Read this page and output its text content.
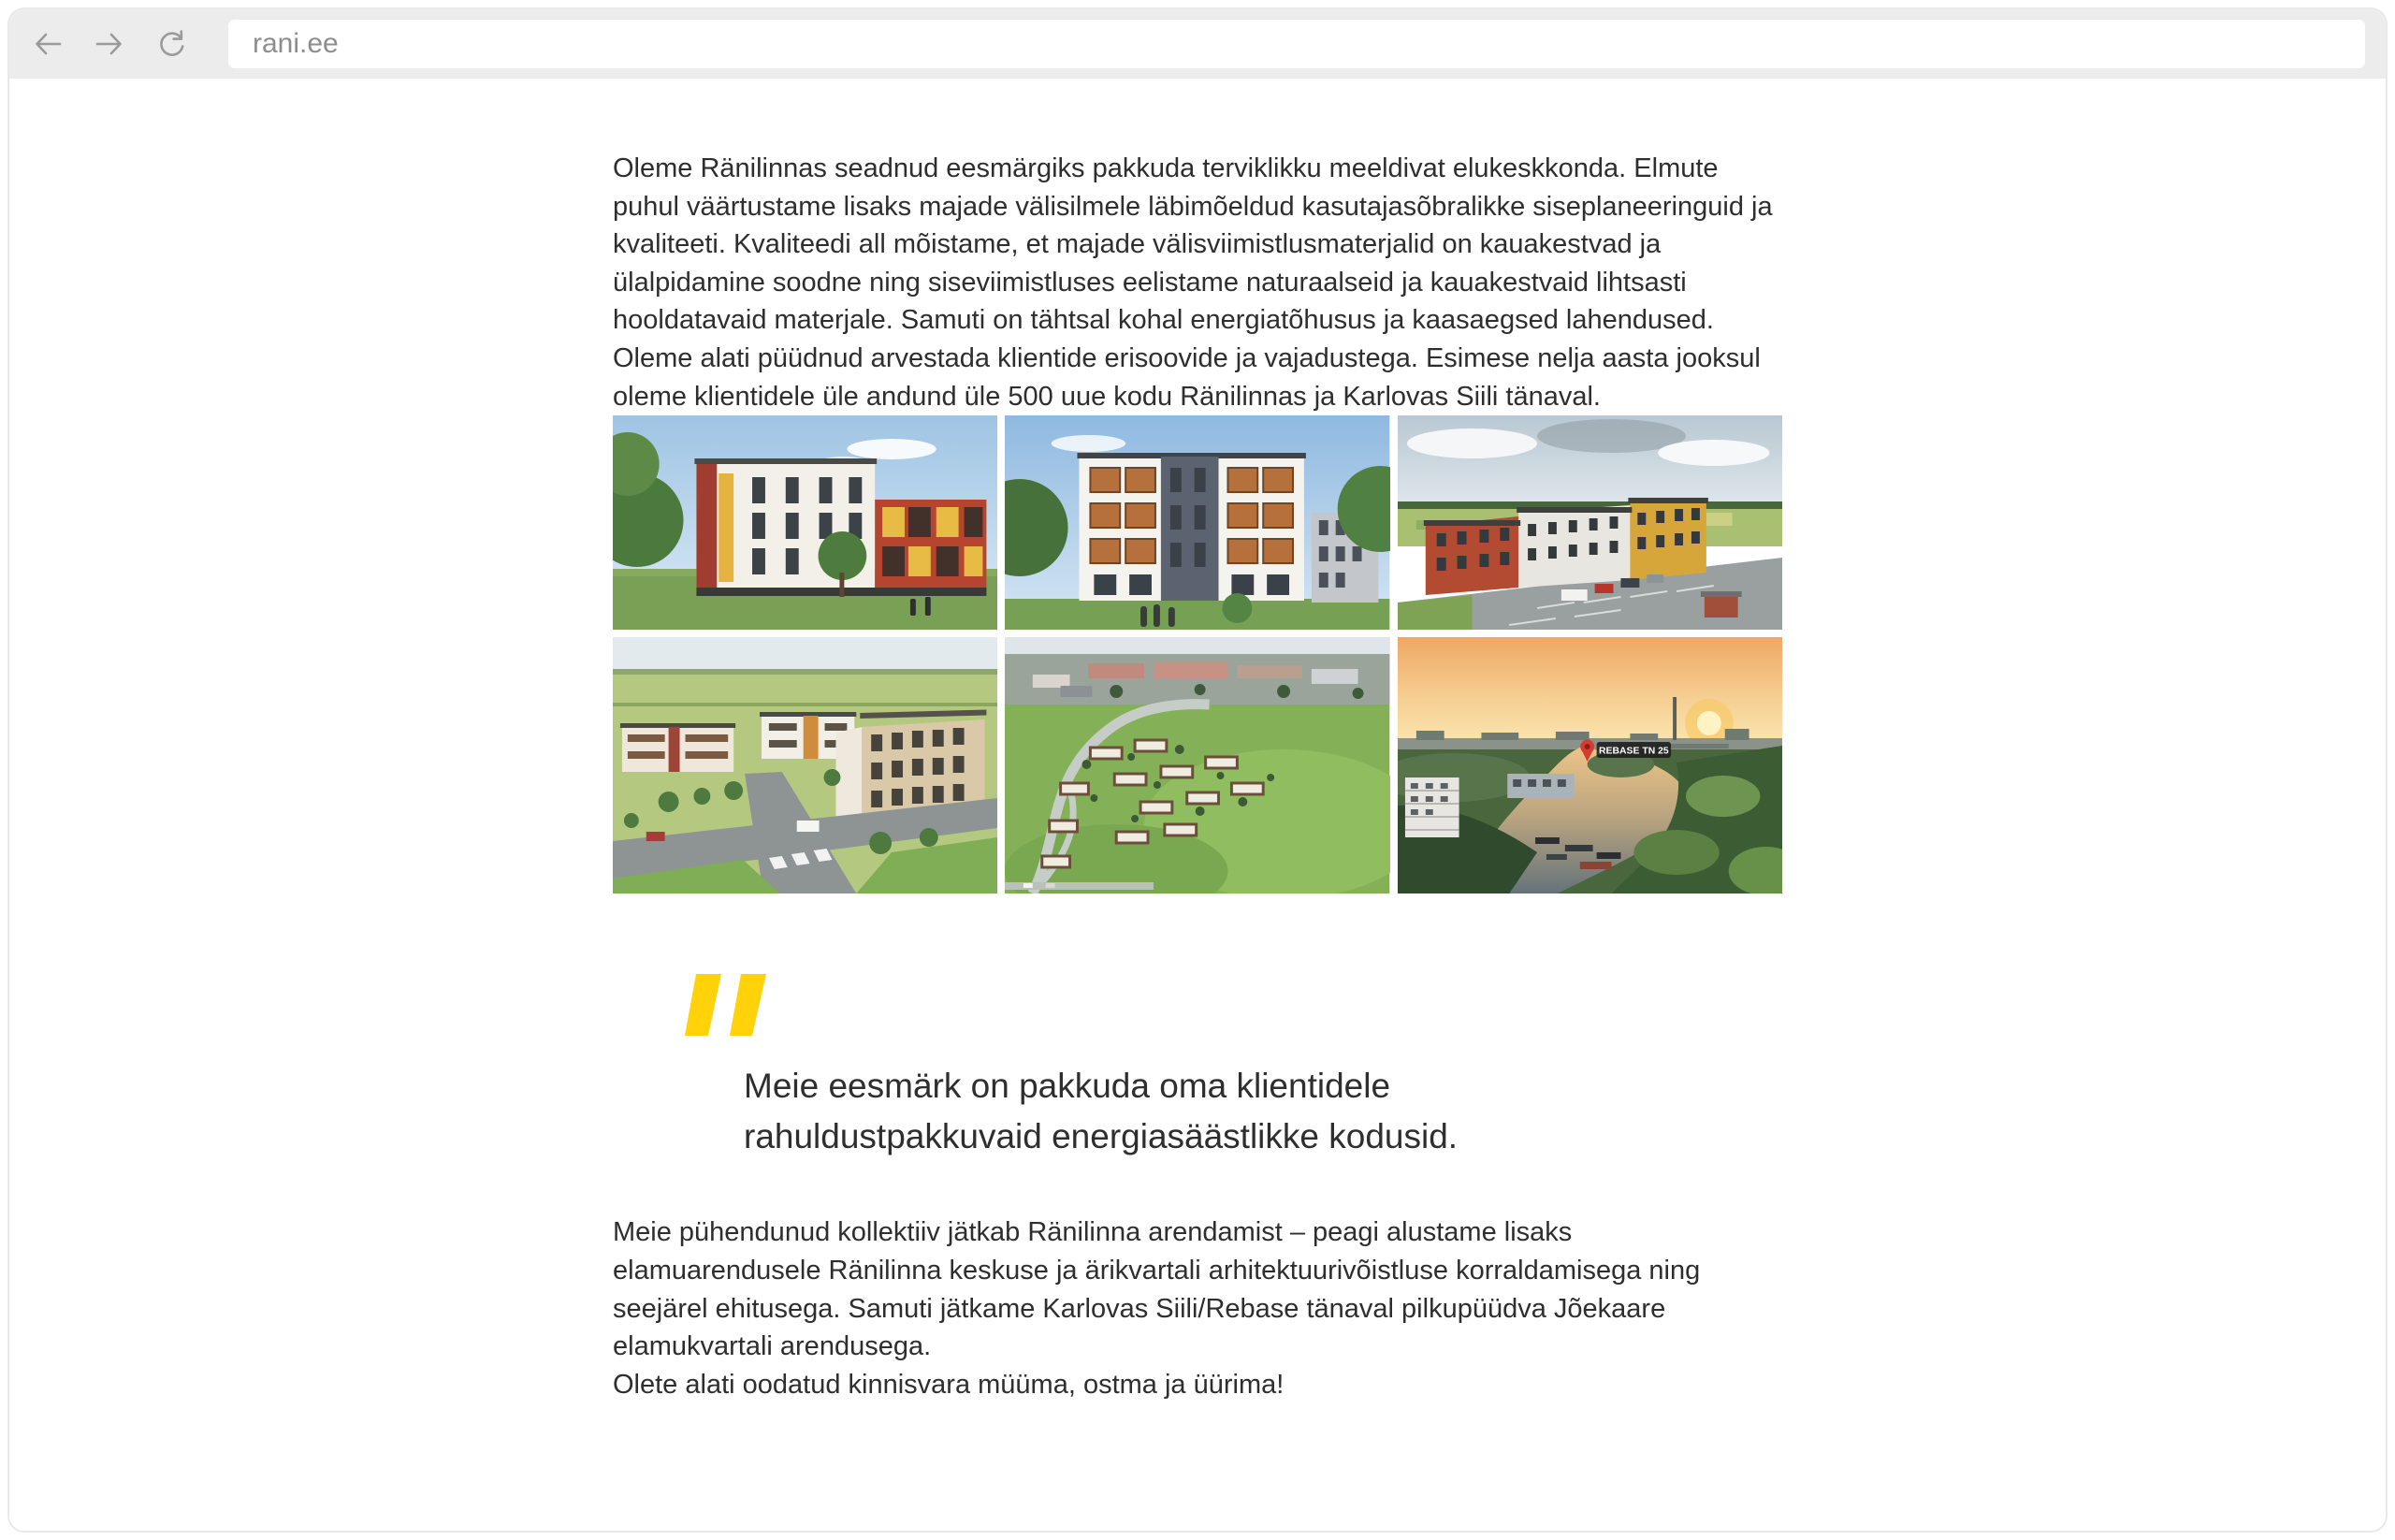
rani.ee

Oleme Ränilinnas seadnud eesmärgiks pakkuda terviklikku meeldivat elukeskkonda. Elmute puhul väärtustame lisaks majade välisilmele läbimõeldud kasutajasõbralikke siseplaneeringuid ja kvaliteeti. Kvaliteedi all mõistame, et majade välisviimistlusmaterjalid on kauakestvad ja ülalpidamine soodne ning siseviimistluses eelistame naturaalseid ja kauakestvaid lihtsasti hooldatavaid materjale. Samuti on tähtsal kohal energiatõhusus ja kaasaegsed lahendused. Oleme alati püüdnud arvestada klientide erisoovide ja vajadustega. Esimese nelja aasta jooksul oleme klientidele üle andund üle 500 uue kodu Ränilinnas ja Karlovas Siili tänaval.

REBASE TN 25

Meie eesmärk on pakkuda oma klientidele rahuldustpakkuvaid energiasäästlikke kodusid.

Meie pühendunud kollektiiv jätkab Ränilinna arendamist – peagi alustame lisaks elamuarendusele Ränilinna keskuse ja ärikvartali arhitektuurivõistluse korraldamisega ning seejärel ehitusega. Samuti jätkame Karlovas Siili/Rebase tänaval pilkupüüdva Jõekaare elamukvartali arendusega.

Olete alati oodatud kinnisvara müüma, ostma ja üürima!
